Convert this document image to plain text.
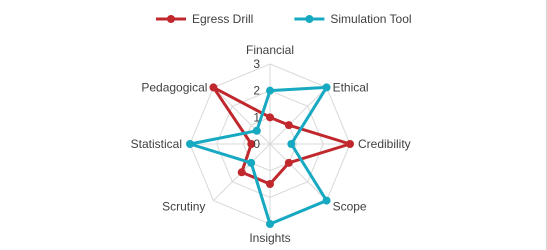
0
1
2
3
Financial
Ethical
Credibility
Scope
Insights
Scrutiny
Statistical
Pedagogical
Egress Drill	Simulation Tool
